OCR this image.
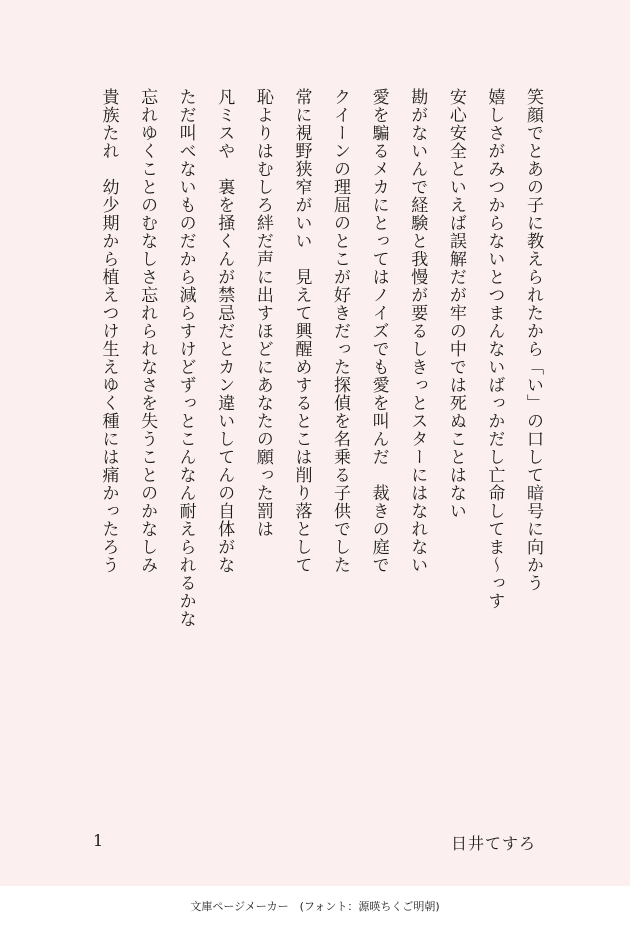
笑顔でとあの子に教えられたから「い」の口して暗号に向かう
嬉しさがみつからないとつまんないばっかだし亡命してま〜っす
安心安全といえば誤解だが牢の中では死ぬことはない
勘がないんで経験と我慢が要るしきっとスターにはなれない
愛を騙るメカにとってはノイズでも愛を叫んだ　裁きの庭で
クイーンの理屈のとこが好きだった探偵を名乗る子供でした
常に視野狭窄がいい　見えて興醒めするとこは削り落として
恥よりはむしろ絆だ声に出すほどにあなたの願った罰は
凡ミスや　裏を掻くんが禁忌だとカン違いしてんの自体がな
ただ叫べないものだから減らすけどずっとこんなん耐えられるかな
忘れゆくことのむなしさ忘れられなさを失うことのかなしみ
貴族たれ　幼少期から植えつけ生えゆく種には痛かったろう
1	日井てすろ
文庫ページメーカー　(フォント：源暎ちくご明朝)
